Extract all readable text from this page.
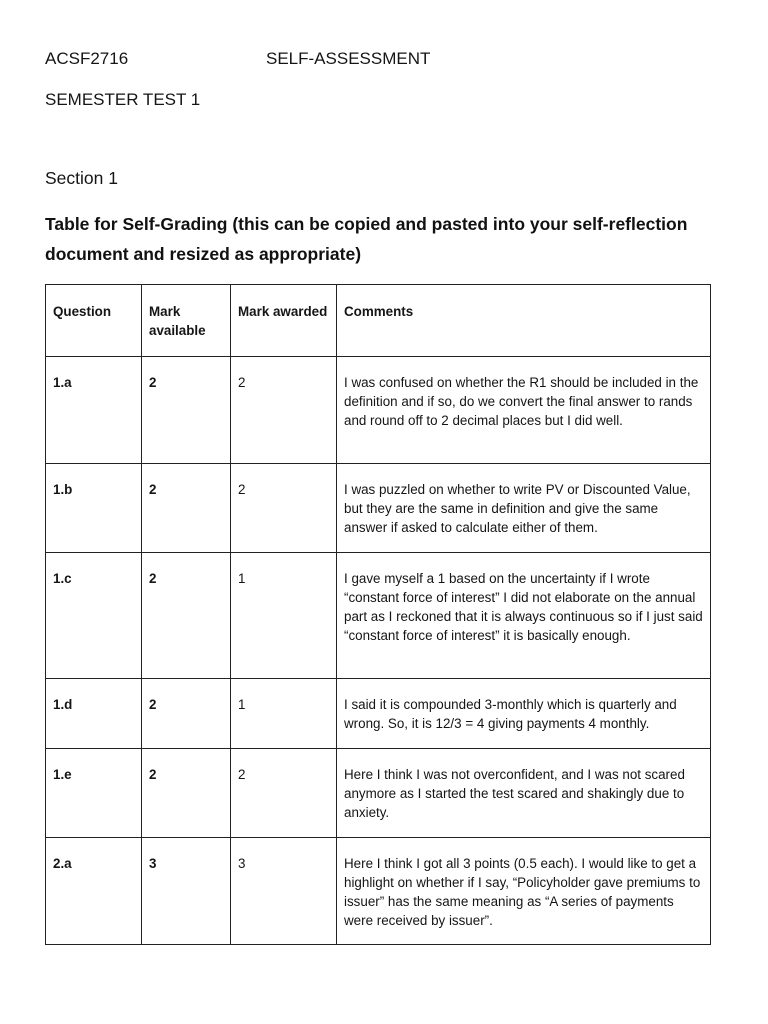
ACSF2716	SELF-ASSESSMENT
SEMESTER TEST 1
Section 1
Table for Self-Grading (this can be copied and pasted into your self-reflection document and resized as appropriate)
Question	Mark available	Mark awarded	Comments
1.a	2	2	I was confused on whether the R1 should be included in the definition and if so, do we convert the final answer to rands and round off to 2 decimal places but I did well.
1.b	2	2	I was puzzled on whether to write PV or Discounted Value, but they are the same in definition and give the same answer if asked to calculate either of them.
1.c	2	1	I gave myself a 1 based on the uncertainty if I wrote “constant force of interest” I did not elaborate on the annual part as I reckoned that it is always continuous so if I just said “constant force of interest” it is basically enough.
1.d	2	1	I said it is compounded 3-monthly which is quarterly and wrong. So, it is 12/3 = 4 giving payments 4 monthly.
1.e	2	2	Here I think I was not overconfident, and I was not scared anymore as I started the test scared and shakingly due to anxiety.
2.a	3	3	Here I think I got all 3 points (0.5 each). I would like to get a highlight on whether if I say, “Policyholder gave premiums to issuer” has the same meaning as “A series of payments were received by issuer”.
